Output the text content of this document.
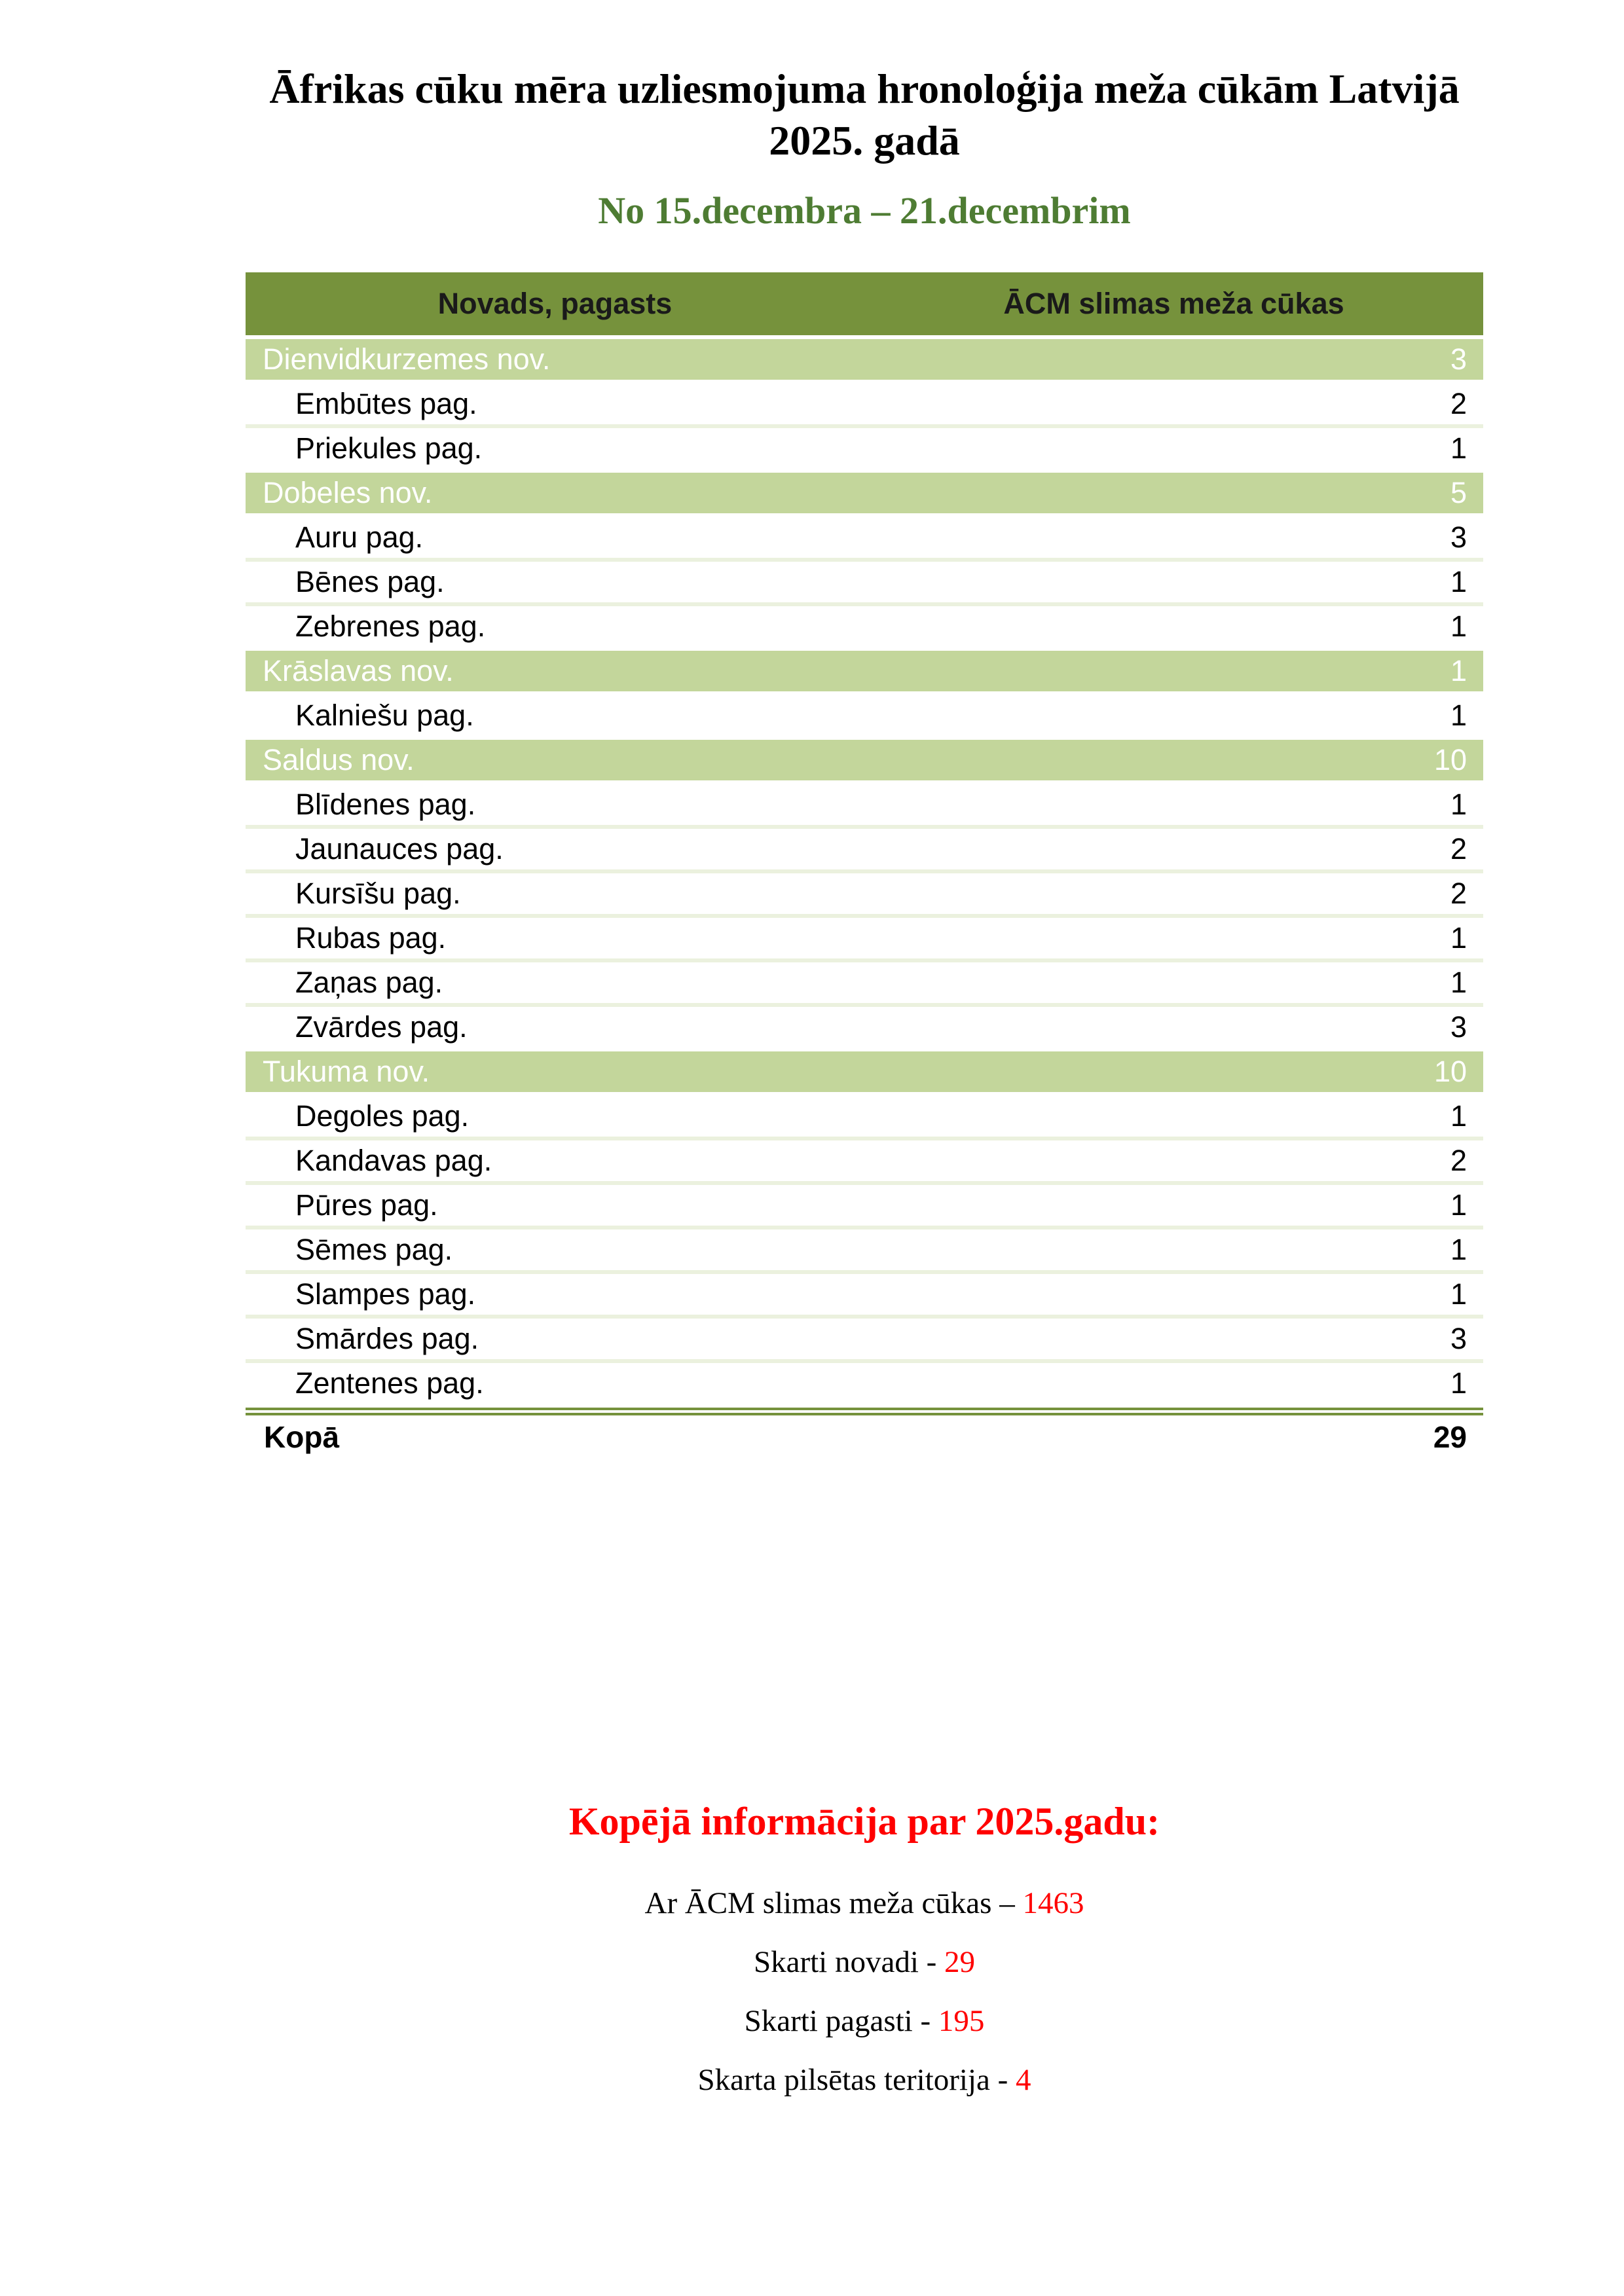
Āfrikas cūku mēra uzliesmojuma hronoloģija meža cūkām Latvijā
2025. gadā
No 15.decembra – 21.decembrim
Novads, pagasts	ĀCM slimas meža cūkas
Dienvidkurzemes nov.	3
Embūtes pag.	2
Priekules pag.	1
Dobeles nov.	5
Auru pag.	3
Bēnes pag.	1
Zebrenes pag.	1
Krāslavas nov.	1
Kalniešu pag.	1
Saldus nov.	10
Blīdenes pag.	1
Jaunauces pag.	2
Kursīšu pag.	2
Rubas pag.	1
Zaņas pag.	1
Zvārdes pag.	3
Tukuma nov.	10
Degoles pag.	1
Kandavas pag.	2
Pūres pag.	1
Sēmes pag.	1
Slampes pag.	1
Smārdes pag.	3
Zentenes pag.	1
Kopā	29
Kopējā informācija par 2025.gadu:
Ar ĀCM slimas meža cūkas – 1463
Skarti novadi - 29
Skarti pagasti - 195
Skarta pilsētas teritorija - 4
